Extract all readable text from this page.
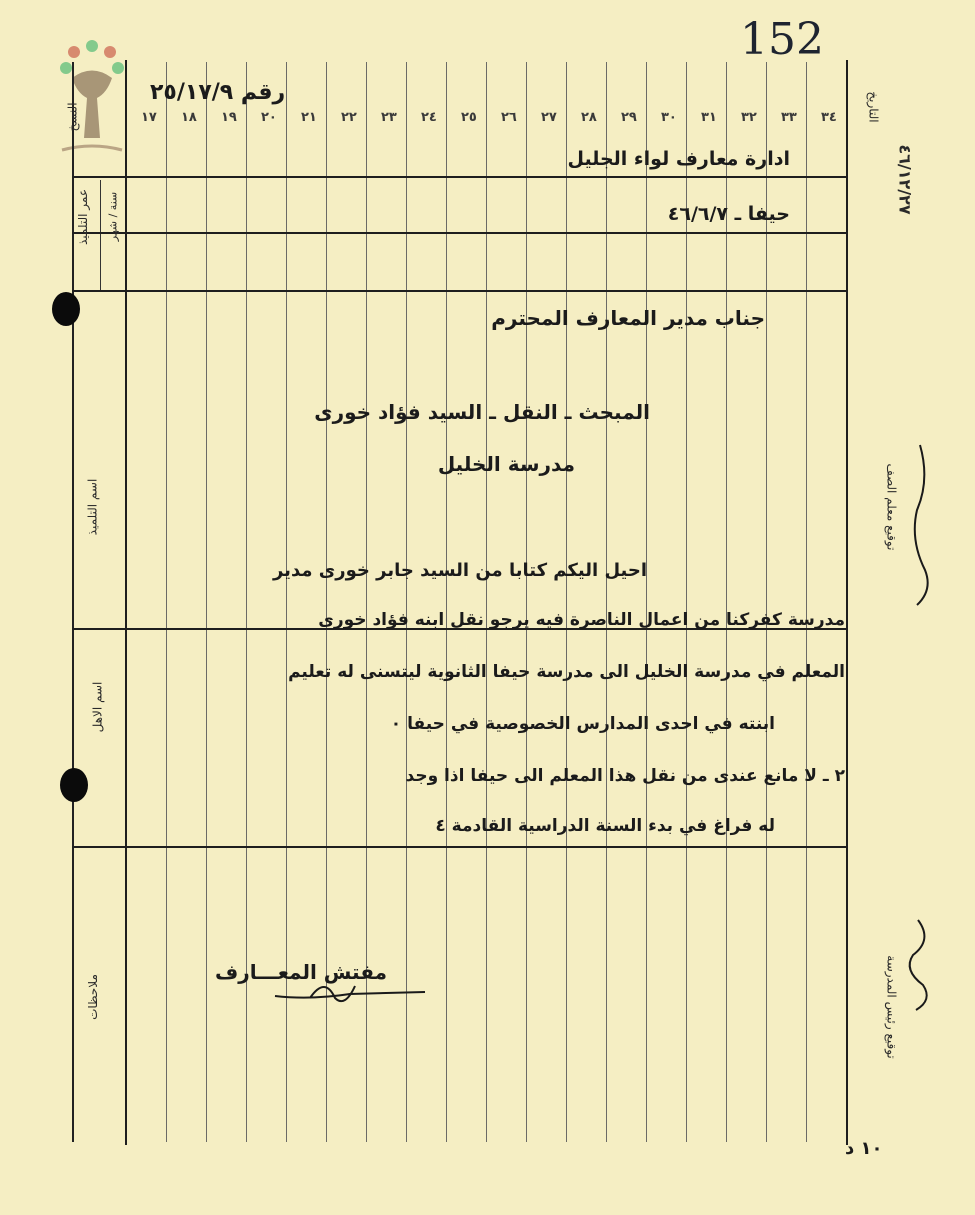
152
رقم ٢٥/١٧/٩
١٧ ١٨ ١٩ ٢٠ ٢١ ٢٢ ٢٣ ٢٤ ٢٥ ٢٦ ٢٧ ٢٨ ٢٩ ٣٠ ٣١ ٣٢ ٣٣ ٣٤
ادارة معارف لواء الجليل
حيفا ـ ٤٦/٦/٧
جناب مدير المعارف المحترم
المبحث ـ النقل ـ السيد فؤاد خورى
مدرسة الخليل
احيل اليكم كتابا من السيد جابر خورى مدير
مدرسة كفركنا من اعمال الناصرة فيه يرجو نقل ابنه فؤاد خورى
المعلم في مدرسة الخليل الى مدرسة حيفا الثانوية ليتسنى له تعليم
ابنته في احدى المدارس الخصوصية في حيفا ٠
٢ ـ لا مانع عندى من نقل هذا المعلم الى حيفا اذا وجد
له فراغ في بدء السنة الدراسية القادمة ٤
مفتش المعـــارف
النسخ
عمر التلميذ سنة / شهر
اسم التلميذ
اسم الاهل
ملاحظات
التاريخ
٤٦/١٢/٢٧
توقيع معلم الصف
توقيع رئيس المدرسة
١٠ د
